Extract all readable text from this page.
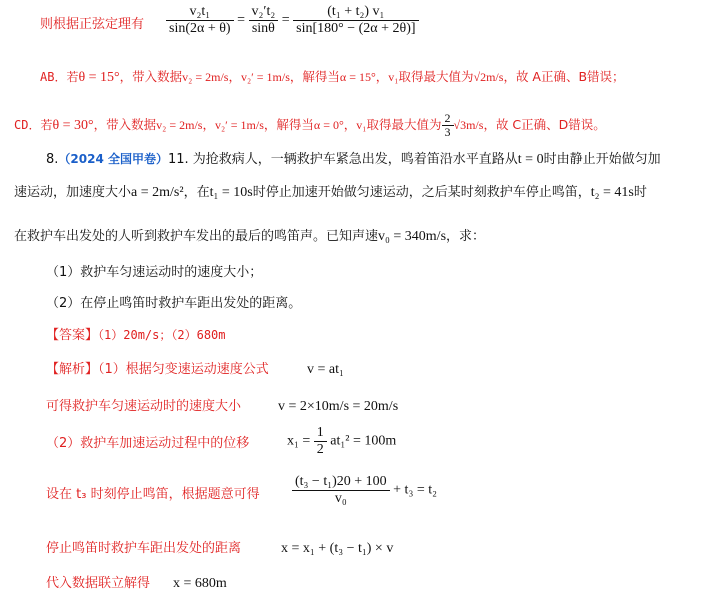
则根据正弦定理有	$\frac{\text{v₂t₁}}{\sin(2\alpha + \theta)} = \frac{\text{v₂′t₂}}{\sin\theta} = \frac{\text{(t₁ + t₂) v₁}}{\sin[180^\circ - (2\alpha + 2\theta)]}$
AB．若θ = 15°，带入数据v₂ = 2m/s，v₂′ = 1m/s，解得当α = 15°，v₁取得最大值为√2m/s，故 A正确、B错误；
CD．若θ = 30°，带入数据v₂ = 2m/s，v₂′ = 1m/s，解得当α = 0°，v₁取得最大值为 $\frac{2}{3} √3m/s$，故 C正确、D错误。
8.（2024 全国甲卷）11. 为抢救病人，一辆救护车紧急出发，鸣着笛沿水平直路从t = 0时由静止开始做匀加
速运动，加速度大小a = 2m/s²，在t₁ = 10s时停止加速开始做匀速运动，之后某时刻救护车停止鸣笛，t₂ = 41s时
在救护车出发处的人听到救护车发出的最后的鸣笛声。已知声速v₀ = 340m/s，求：
（1）救护车匀速运动时的速度大小；
（2）在停止鸣笛时救护车距出发处的距离。
【答案】（1）20m/s；（2）680m
【解析】（1）根据匀变速运动速度公式	v = at₁
可得救护车匀速运动时的速度大小	v = 2×10m/s = 20m/s
（2）救护车加速运动过程中的位移	$x_1 = \frac{1}{2} at_1^2 = 100m$
设在 t₃ 时刻停止鸣笛，根据题意可得 $\frac{\text{(t₃ − t₁)20 + 100}}{\text{v₀}} + t_3 = t_2$
停止鸣笛时救护车距出发处的距离	x = x₁ + (t₃ − t₁) × v
代入数据联立解得 x = 680m
